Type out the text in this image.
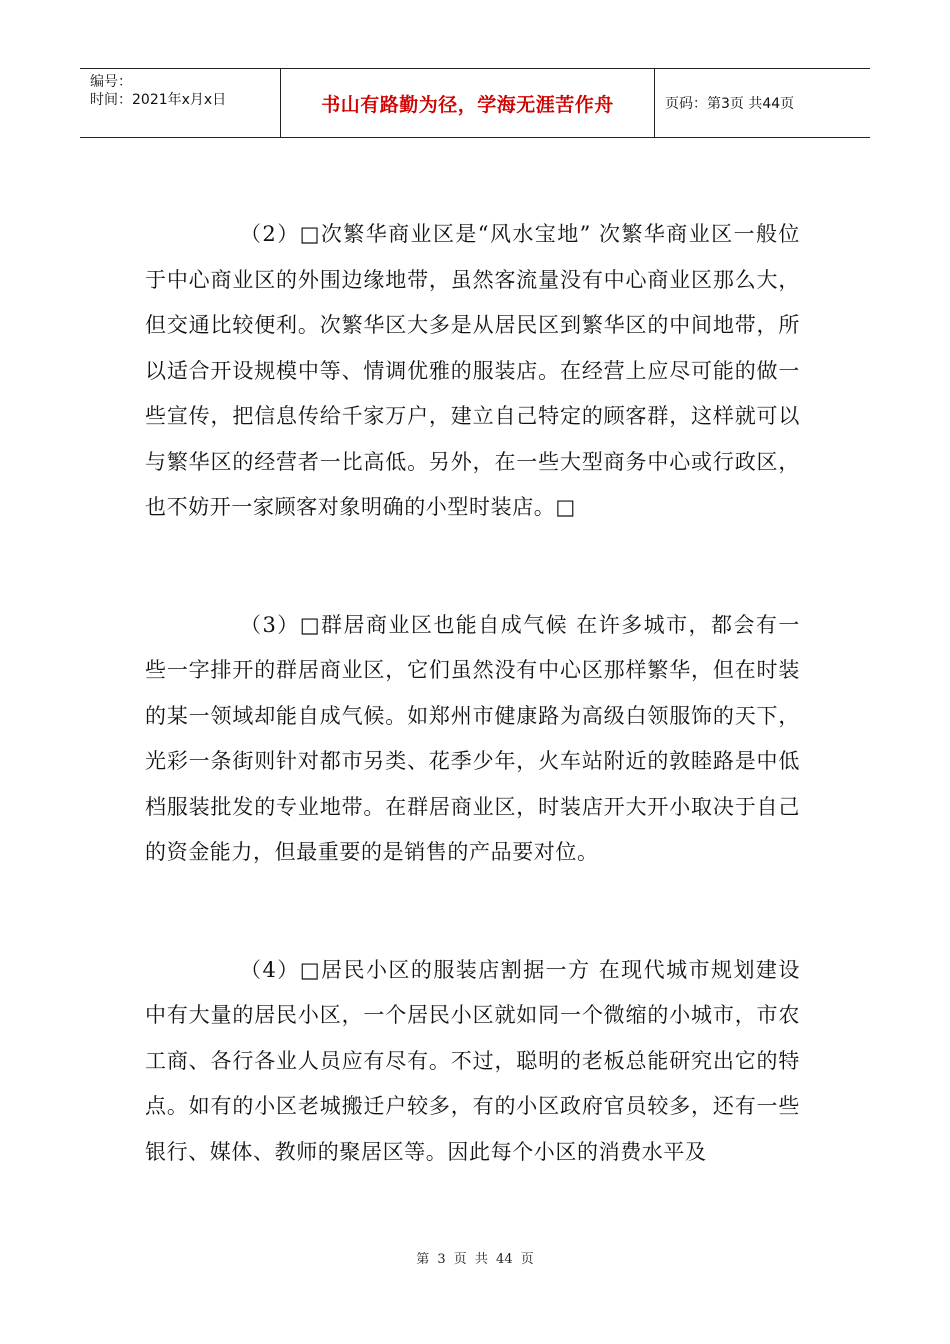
编号：
时间：2021年x月x日	书山有路勤为径，学海无涯苦作舟	页码：第3页 共44页

（2）□次繁华商业区是“风水宝地” 次繁华商业区一般位于中心商业区的外围边缘地带，虽然客流量没有中心商业区那么大，但交通比较便利。次繁华区大多是从居民区到繁华区的中间地带，所以适合开设规模中等、情调优雅的服装店。在经营上应尽可能的做一些宣传，把信息传给千家万户，建立自己特定的顾客群，这样就可以与繁华区的经营者一比高低。另外，在一些大型商务中心或行政区，也不妨开一家顾客对象明确的小型时装店。□

（3）□群居商业区也能自成气候 在许多城市，都会有一些一字排开的群居商业区，它们虽然没有中心区那样繁华，但在时装的某一领域却能自成气候。如郑州市健康路为高级白领服饰的天下，光彩一条街则针对都市另类、花季少年，火车站附近的敦睦路是中低档服装批发的专业地带。在群居商业区，时装店开大开小取决于自己的资金能力，但最重要的是销售的产品要对位。

（4）□居民小区的服装店割据一方 在现代城市规划建设中有大量的居民小区，一个居民小区就如同一个微缩的小城市，市农工商、各行各业人员应有尽有。不过，聪明的老板总能研究出它的特点。如有的小区老城搬迁户较多，有的小区政府官员较多，还有一些银行、媒体、教师的聚居区等。因此每个小区的消费水平及

第 3 页 共 44 页
